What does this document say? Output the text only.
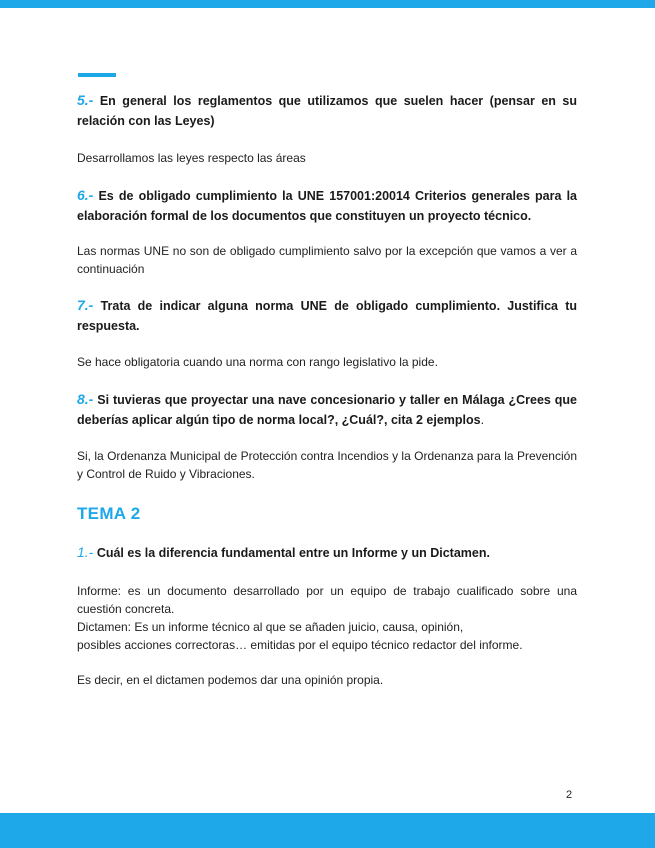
5.- En general los reglamentos que utilizamos que suelen hacer (pensar en su relación con las Leyes)

Desarrollamos las leyes respecto las áreas

6.- Es de obligado cumplimiento la UNE 157001:20014 Criterios generales para la elaboración formal de los documentos que constituyen un proyecto técnico.

Las normas UNE no son de obligado cumplimiento salvo por la excepción que vamos a ver a continuación

7.- Trata de indicar alguna norma UNE de obligado cumplimiento. Justifica tu respuesta.

Se hace obligatoria cuando una norma con rango legislativo la pide.

8.- Si tuvieras que proyectar una nave concesionario y taller en Málaga ¿Crees que deberías aplicar algún tipo de norma local?, ¿Cuál?, cita 2 ejemplos.

Si, la Ordenanza Municipal de Protección contra Incendios y la Ordenanza para la Prevención y Control de Ruido y Vibraciones.

TEMA 2

1.- Cuál es la diferencia fundamental entre un Informe y un Dictamen.

Informe: es un documento desarrollado por un equipo de trabajo cualificado sobre una cuestión concreta.

Dictamen: Es un informe técnico al que se añaden juicio, causa, opinión,

posibles acciones correctoras… emitidas por el equipo técnico redactor del informe.

Es decir, en el dictamen podemos dar una opinión propia.

2
